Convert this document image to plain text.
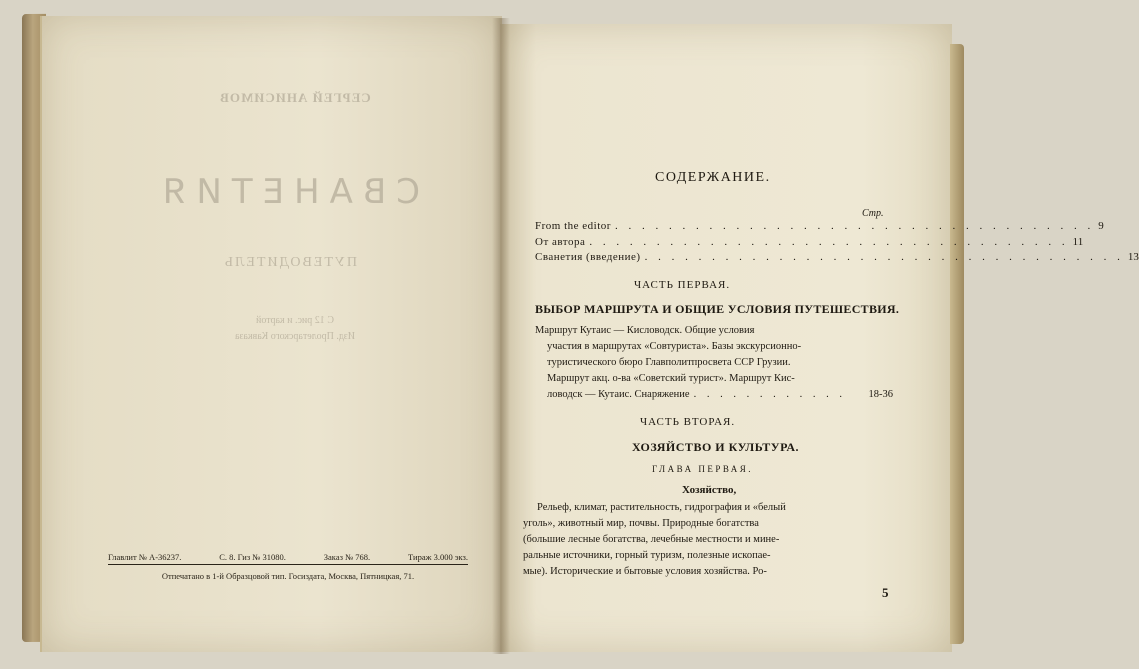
СЕРГЕЙ АНИСИМОВ
СВАНЕТИЯ
ПУТЕВОДИТЕЛЬ
С 12 рис. и картой
Изд. Пролетарского Кавказа
Главлит № А-36237.	С. 8. Гиз № 31080.	Заказ № 768.	Тираж 3.000 экз.
Отпечатано в 1-й Образцовой тип. Госиздата, Москва, Пятницкая, 71.
СОДЕРЖАНИЕ.
Стр.
From the editor . . . . . . . . . . . . . . . . . . . . . . . . . . . . . . . . . . . . 9
От автора . . . . . . . . . . . . . . . . . . . . . . . . . . . . . . . . . . . . 11
Сванетия (введение) . . . . . . . . . . . . . . . . . . . . . . . . . . . . . . . . . . . . 13
ЧАСТЬ ПЕРВАЯ.
ВЫБОР МАРШРУТА И ОБЩИЕ УСЛОВИЯ ПУТЕШЕСТВИЯ.
Маршрут Кутаис — Кисловодск. Общие условия
участия в маршрутах «Совтуриста». Базы экскурсионно-
туристического бюро Главполитпросвета ССР Грузии.
Маршрут акц. о-ва «Советский турист». Маршрут Кис-
ловодск — Кутаис. Снаряжение . . . . . . . . . . . .	18-36
ЧАСТЬ ВТОРАЯ.
ХОЗЯЙСТВО И КУЛЬТУРА.
ГЛАВА ПЕРВАЯ.
Хозяйство,
Рельеф, климат, растительность, гидрография и «белый
уголь», животный мир, почвы. Природные богатства
(большие лесные богатства, лечебные местности и мине-
ральные источники, горный туризм, полезные ископае-
мые). Исторические и бытовые условия хозяйства. Ро-
5
